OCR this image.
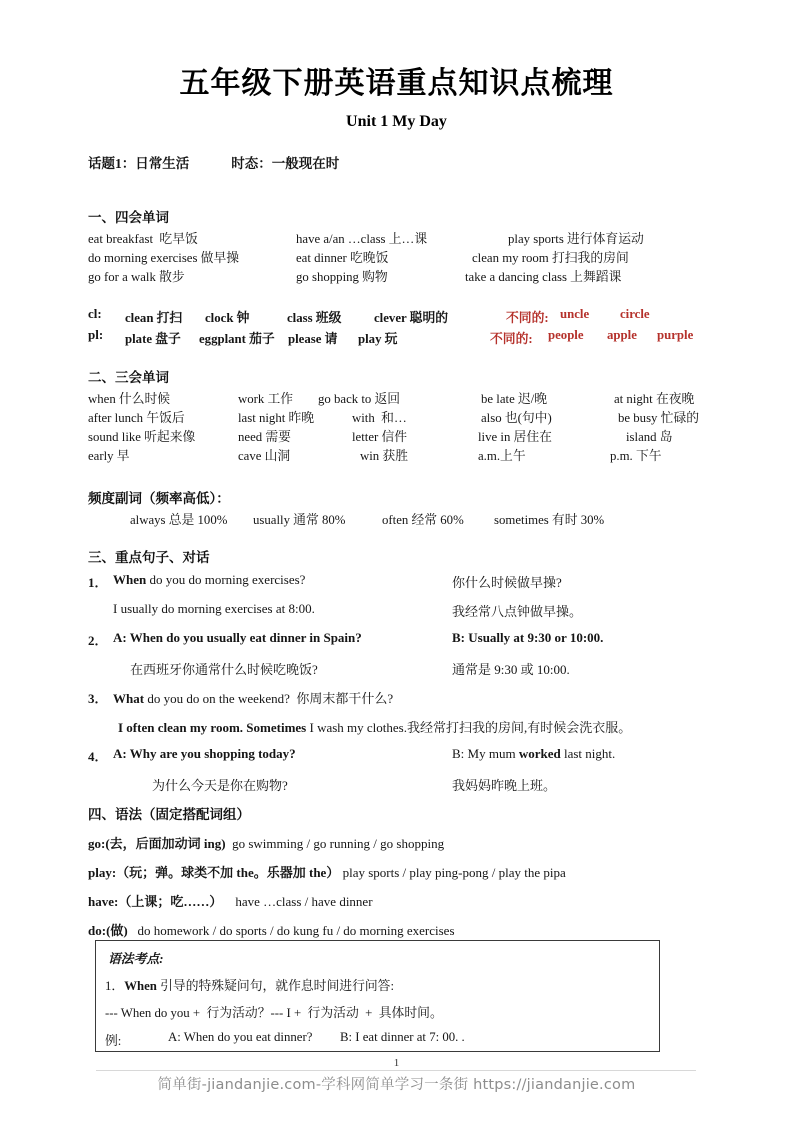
五年级下册英语重点知识点梳理
Unit 1 My Day
话题1：日常生活	时态：一般现在时
一、四会单词
eat breakfast  吃早饭	have a/an …class 上…课	play sports 进行体育运动
do morning exercises 做早操	eat dinner 吃晚饭	clean my room 打扫我的房间
go for a walk 散步	go shopping 购物	take a dancing class 上舞蹈课
cl: clean 打扫 clock 钟	class 班级	clever 聪明的	不同的: uncle circle
pl: plate 盘子 eggplant 茄子 please 请 play 玩	不同的: people apple purple
二、三会单词
when 什么时候	work 工作 go back to 返回	be late 迟/晚	at night 在夜晚
after lunch 午饭后	last night 昨晚	with  和…	also 也(句中)	be busy 忙碌的
sound like 听起来像	need 需要	letter 信件	live in 居住在	island 岛
early 早	cave 山洞	win 获胜	a.m.上午	p.m. 下午
频度副词（频率高低）：
always 总是 100% usually 通常 80%	often 经常 60% sometimes 有时 30%
三、重点句子、对话
1． When do you do morning exercises?	你什么时候做早操?
I usually do morning exercises at 8:00.	我经常八点钟做早操。
2． A: When do you usually eat dinner in Spain?	B: Usually at 9:30 or 10:00.
在西班牙你通常什么时候吃晚饭?	通常是 9:30 或 10:00.
3． What do you do on the weekend?  你周末都干什么?
I often clean my room. Sometimes I wash my clothes.我经常打扫我的房间,有时候会洗衣服。
4． A: Why are you shopping today?	B: My mum worked last night.
为什么今天是你在购物?	我妈妈昨晚上班。
四、语法（固定搭配词组）
go:(去，后面加动词 ing) go swimming / go running / go shopping
play:（玩；弹。球类不加 the。乐器加 the） play sports / play ping-pong / play the pipa
have:（上课；吃……） have …class / have dinner
do:(做) do homework / do sports / do kung fu / do morning exercises
语法考点:
1．When 引导的特殊疑问句，就作息时间进行问答:
--- When do you +  行为活动？--- I +  行为活动  +  具体时间。
例:	A: When do you eat dinner? B: I eat dinner at 7: 00. .
1
简单街-jiandanjie.com-学科网简单学习一条街 https://jiandanjie.com
